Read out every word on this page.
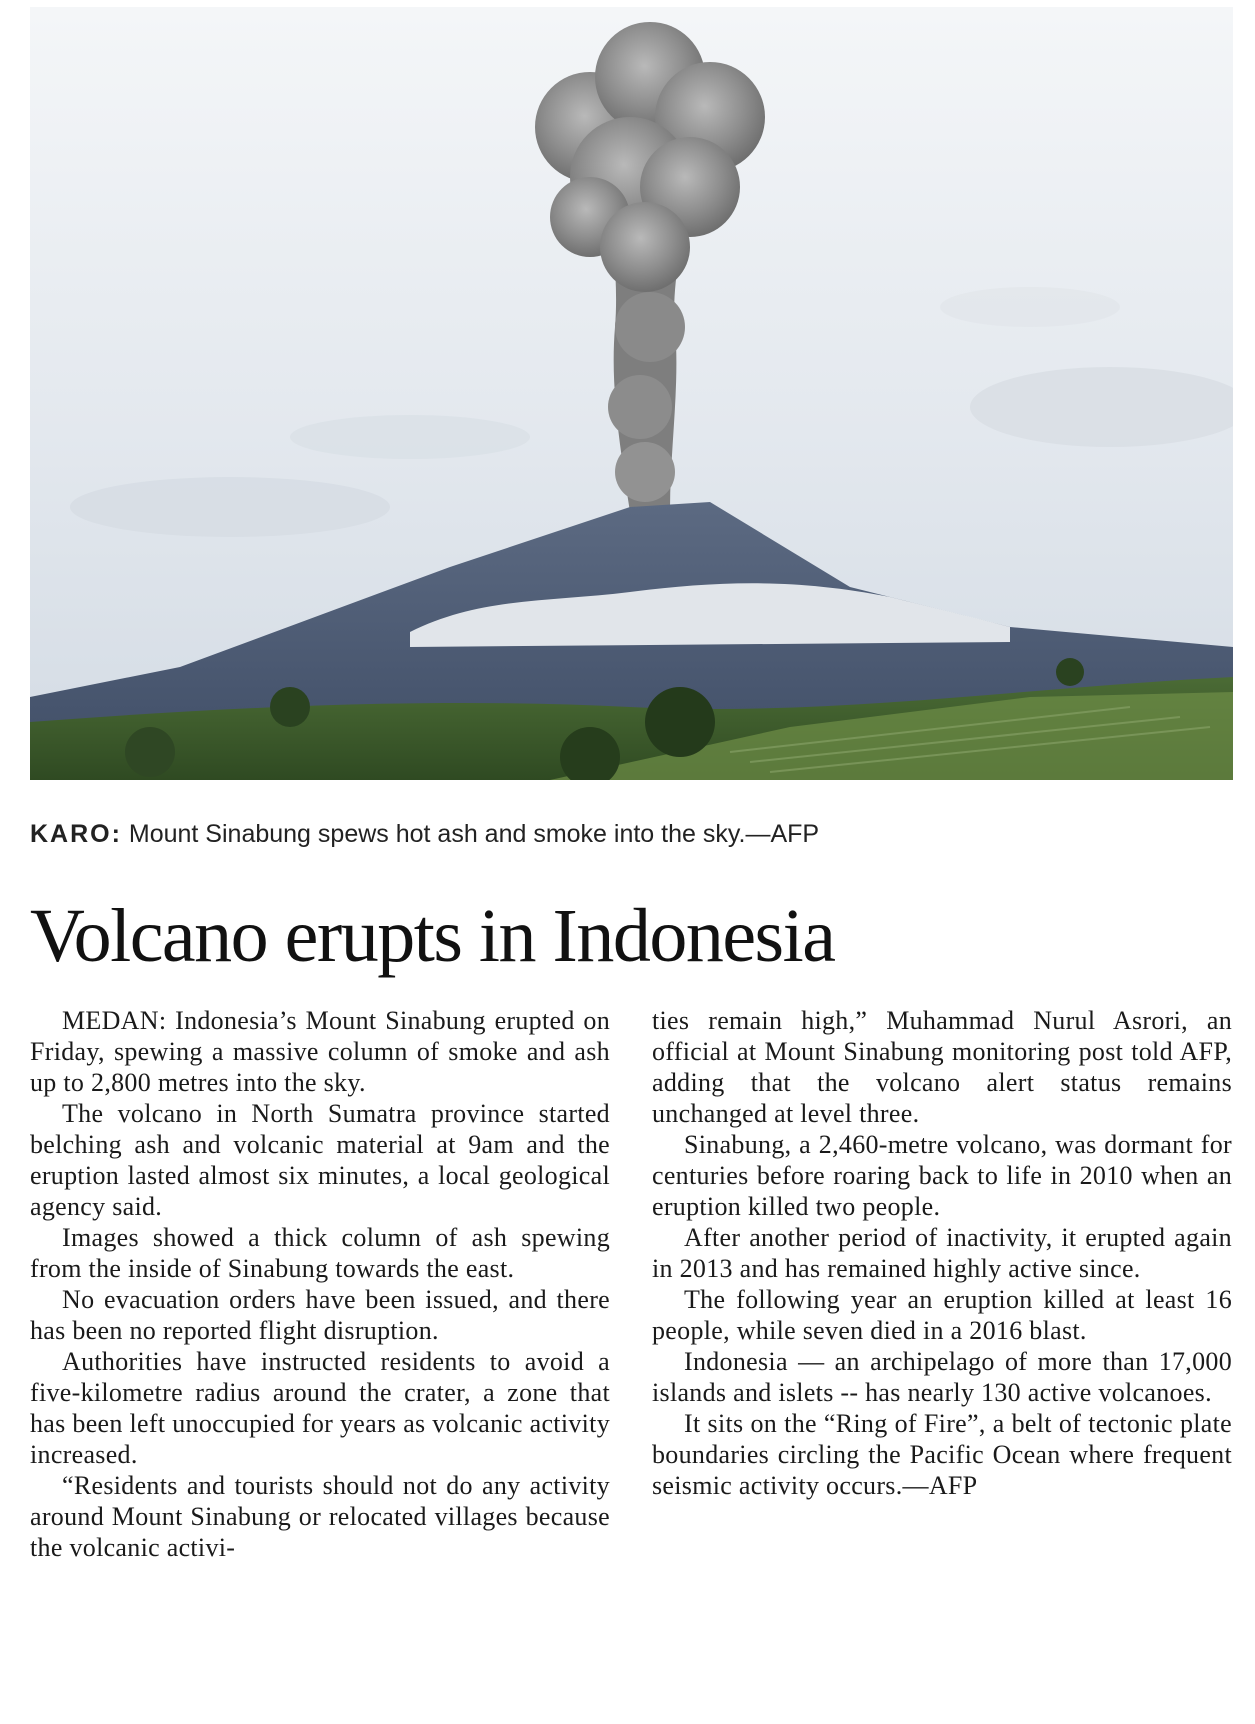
KARO: Mount Sinabung spews hot ash and smoke into the sky.—AFP
Volcano erupts in Indonesia

MEDAN: Indonesia’s Mount Sinabung erupted on Friday, spewing a massive column of smoke and ash up to 2,800 metres into the sky.

The volcano in North Sumatra province started belching ash and volcanic material at 9am and the eruption lasted almost six minutes, a local geological agency said.

Images showed a thick column of ash spewing from the inside of Sinabung towards the east.

No evacuation orders have been issued, and there has been no reported flight disruption.

Authorities have instructed residents to avoid a five-kilometre radius around the crater, a zone that has been left unoccupied for years as volcanic activity increased.

“Residents and tourists should not do any activity around Mount Sinabung or relocated villages because the volcanic activi-

ties remain high,” Muhammad Nurul Asrori, an official at Mount Sinabung monitoring post told AFP, adding that the volcano alert status remains unchanged at level three.

Sinabung, a 2,460-metre volcano, was dormant for centuries before roaring back to life in 2010 when an eruption killed two people.

After another period of inactivity, it erupted again in 2013 and has remained highly active since.

The following year an eruption killed at least 16 people, while seven died in a 2016 blast.

Indonesia — an archipelago of more than 17,000 islands and islets -- has nearly 130 active volcanoes.

It sits on the “Ring of Fire”, a belt of tectonic plate boundaries circling the Pacific Ocean where frequent seismic activity occurs.—AFP
